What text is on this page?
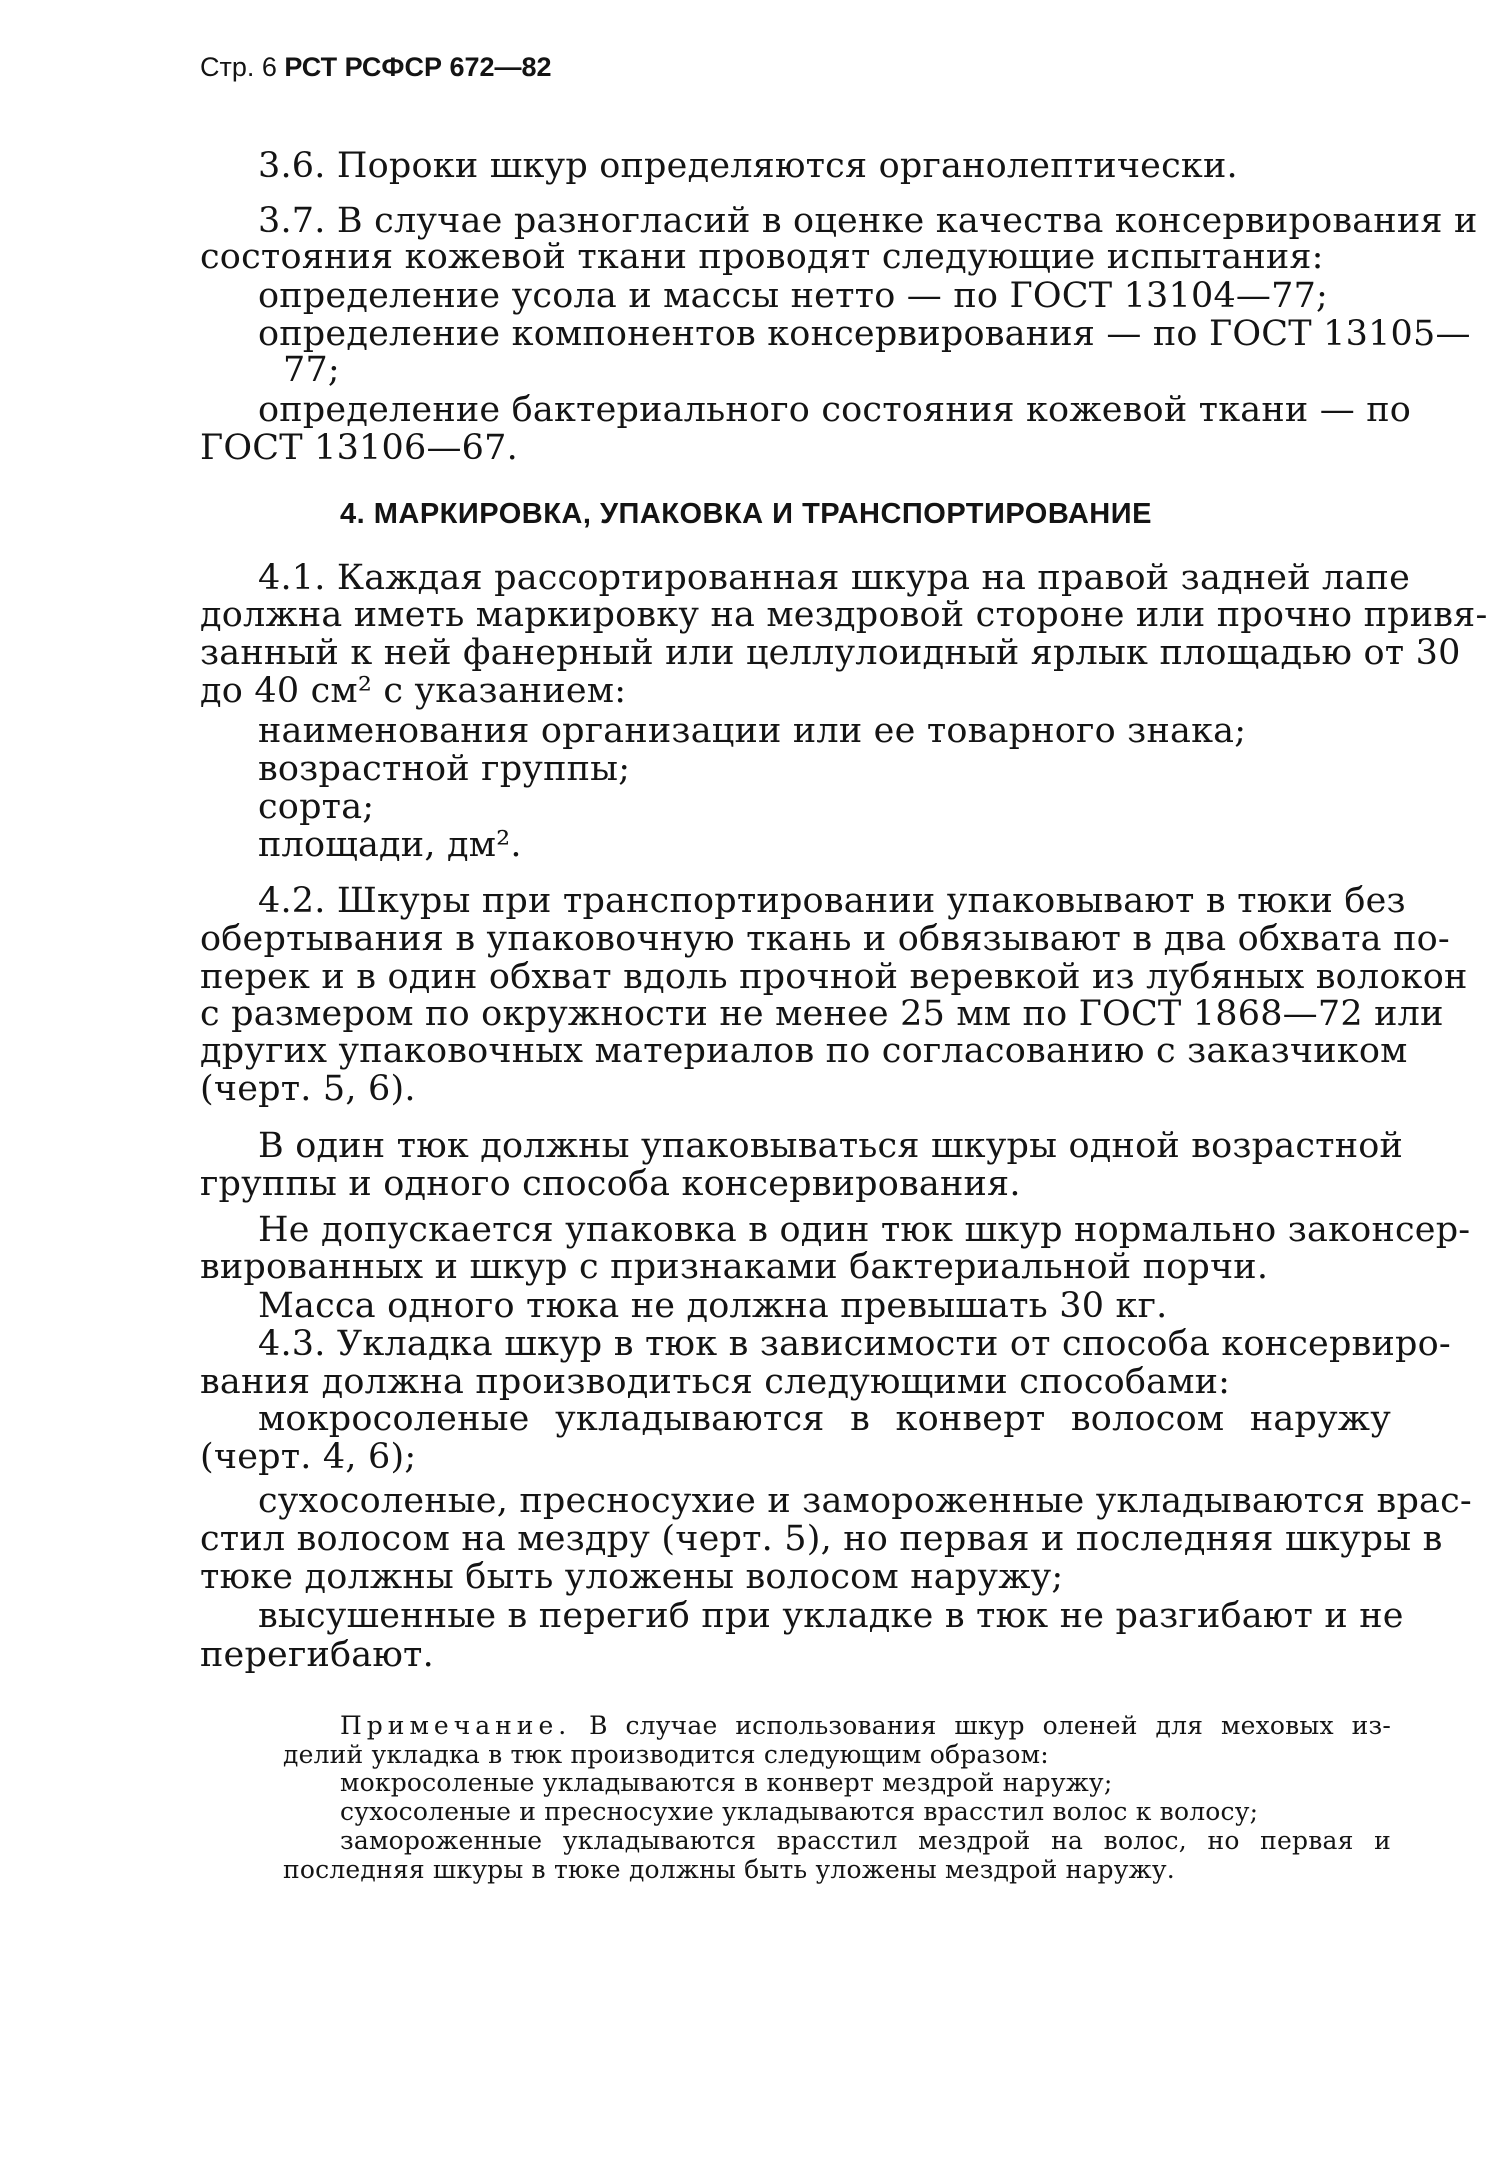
Стр. 6 РСТ РСФСР 672—82
3.6. Пороки шкур определяются органолептически.
3.7. В случае разногласий в оценке качества консервирования и
состояния кожевой ткани проводят следующие испытания:
определение усола и массы нетто — по ГОСТ 13104—77;
определение компонентов консервирования — по ГОСТ 13105—
77;
определение бактериального состояния кожевой ткани — по
ГОСТ 13106—67.
4. МАРКИРОВКА, УПАКОВКА И ТРАНСПОРТИРОВАНИЕ
4.1. Каждая рассортированная шкура на правой задней лапе
должна иметь маркировку на мездровой стороне или прочно привя-
занный к ней фанерный или целлулоидный ярлык площадью от 30
до 40 см² с указанием:
наименования организации или ее товарного знака;
возрастной группы;
сорта;
площади, дм².
4.2. Шкуры при транспортировании упаковывают в тюки без
обертывания в упаковочную ткань и обвязывают в два обхвата по-
перек и в один обхват вдоль прочной веревкой из лубяных волокон
с размером по окружности не менее 25 мм по ГОСТ 1868—72 или
других упаковочных материалов по согласованию с заказчиком
(черт. 5, 6).
В один тюк должны упаковываться шкуры одной возрастной
группы и одного способа консервирования.
Не допускается упаковка в один тюк шкур нормально законсер-
вированных и шкур с признаками бактериальной порчи.
Масса одного тюка не должна превышать 30 кг.
4.3. Укладка шкур в тюк в зависимости от способа консервиро-
вания должна производиться следующими способами:
мокросоленые укладываются в конверт волосом наружу
(черт. 4, 6);
сухосоленые, пресносухие и замороженные укладываются врас-
стил волосом на мездру (черт. 5), но первая и последняя шкуры в
тюке должны быть уложены волосом наружу;
высушенные в перегиб при укладке в тюк не разгибают и не
перегибают.
Примечание. В случае использования шкур оленей для меховых из-
делий укладка в тюк производится следующим образом:
мокросоленые укладываются в конверт мездрой наружу;
сухосоленые и пресносухие укладываются врасстил волос к волосу;
замороженные укладываются врасстил мездрой на волос, но первая и
последняя шкуры в тюке должны быть уложены мездрой наружу.
